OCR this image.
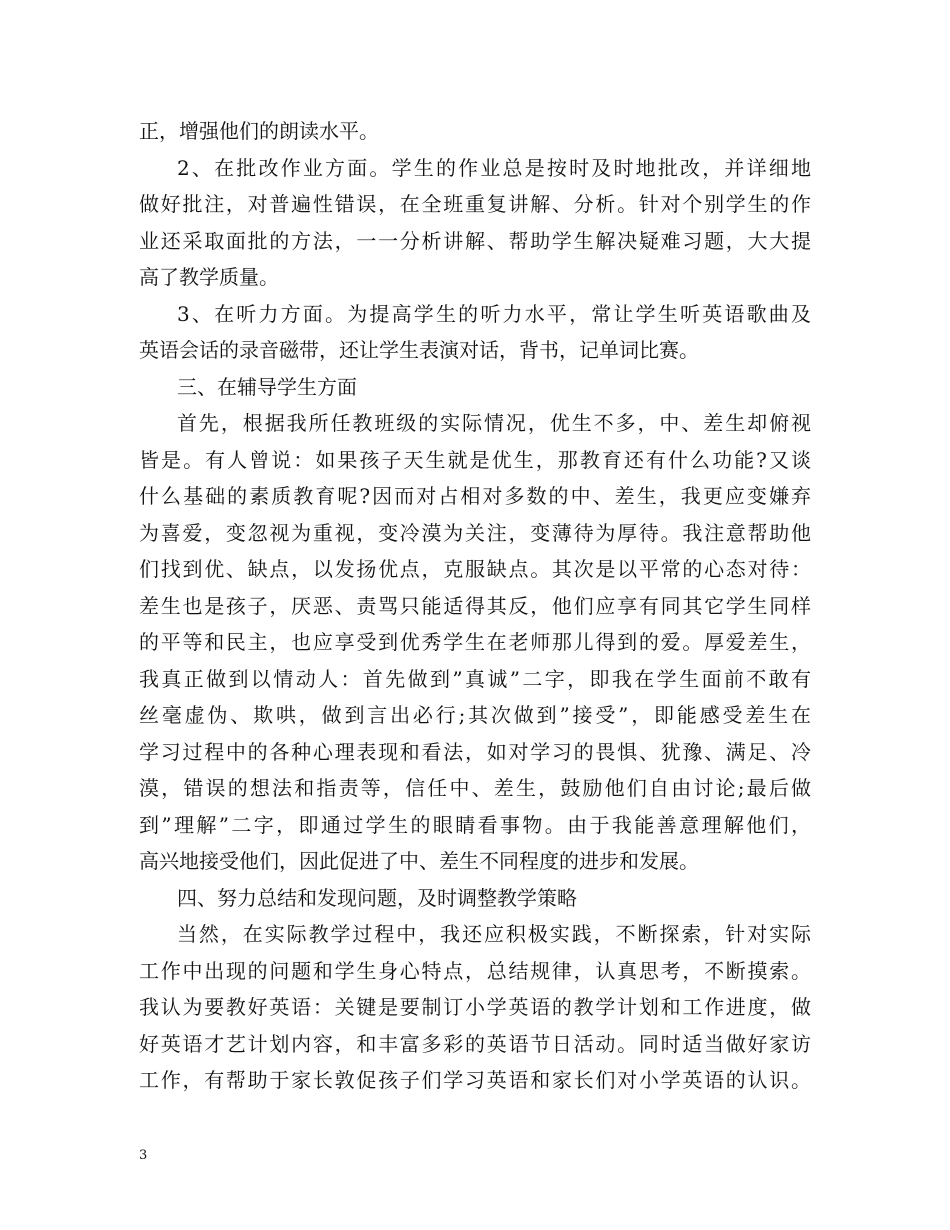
正，增强他们的朗读水平。
2、在批改作业方面。学生的作业总是按时及时地批改，并详细地
做好批注，对普遍性错误，在全班重复讲解、分析。针对个别学生的作
业还采取面批的方法，一一分析讲解、帮助学生解决疑难习题，大大提
高了教学质量。
3、在听力方面。为提高学生的听力水平，常让学生听英语歌曲及
英语会话的录音磁带，还让学生表演对话，背书，记单词比赛。
三、在辅导学生方面
首先，根据我所任教班级的实际情况，优生不多，中、差生却俯视
皆是。有人曾说：如果孩子天生就是优生，那教育还有什么功能?又谈
什么基础的素质教育呢?因而对占相对多数的中、差生，我更应变嫌弃
为喜爱，变忽视为重视，变冷漠为关注，变薄待为厚待。我注意帮助他
们找到优、缺点，以发扬优点，克服缺点。其次是以平常的心态对待：
差生也是孩子，厌恶、责骂只能适得其反，他们应享有同其它学生同样
的平等和民主，也应享受到优秀学生在老师那儿得到的爱。厚爱差生，
我真正做到以情动人：首先做到”真诚”二字，即我在学生面前不敢有
丝毫虚伪、欺哄，做到言出必行;其次做到”接受”，即能感受差生在
学习过程中的各种心理表现和看法，如对学习的畏惧、犹豫、满足、冷
漠，错误的想法和指责等，信任中、差生，鼓励他们自由讨论;最后做
到”理解”二字，即通过学生的眼睛看事物。由于我能善意理解他们，
高兴地接受他们，因此促进了中、差生不同程度的进步和发展。
四、努力总结和发现问题，及时调整教学策略
当然，在实际教学过程中，我还应积极实践，不断探索，针对实际
工作中出现的问题和学生身心特点，总结规律，认真思考，不断摸索。
我认为要教好英语：关键是要制订小学英语的教学计划和工作进度，做
好英语才艺计划内容，和丰富多彩的英语节日活动。同时适当做好家访
工作，有帮助于家长敦促孩子们学习英语和家长们对小学英语的认识。
3
